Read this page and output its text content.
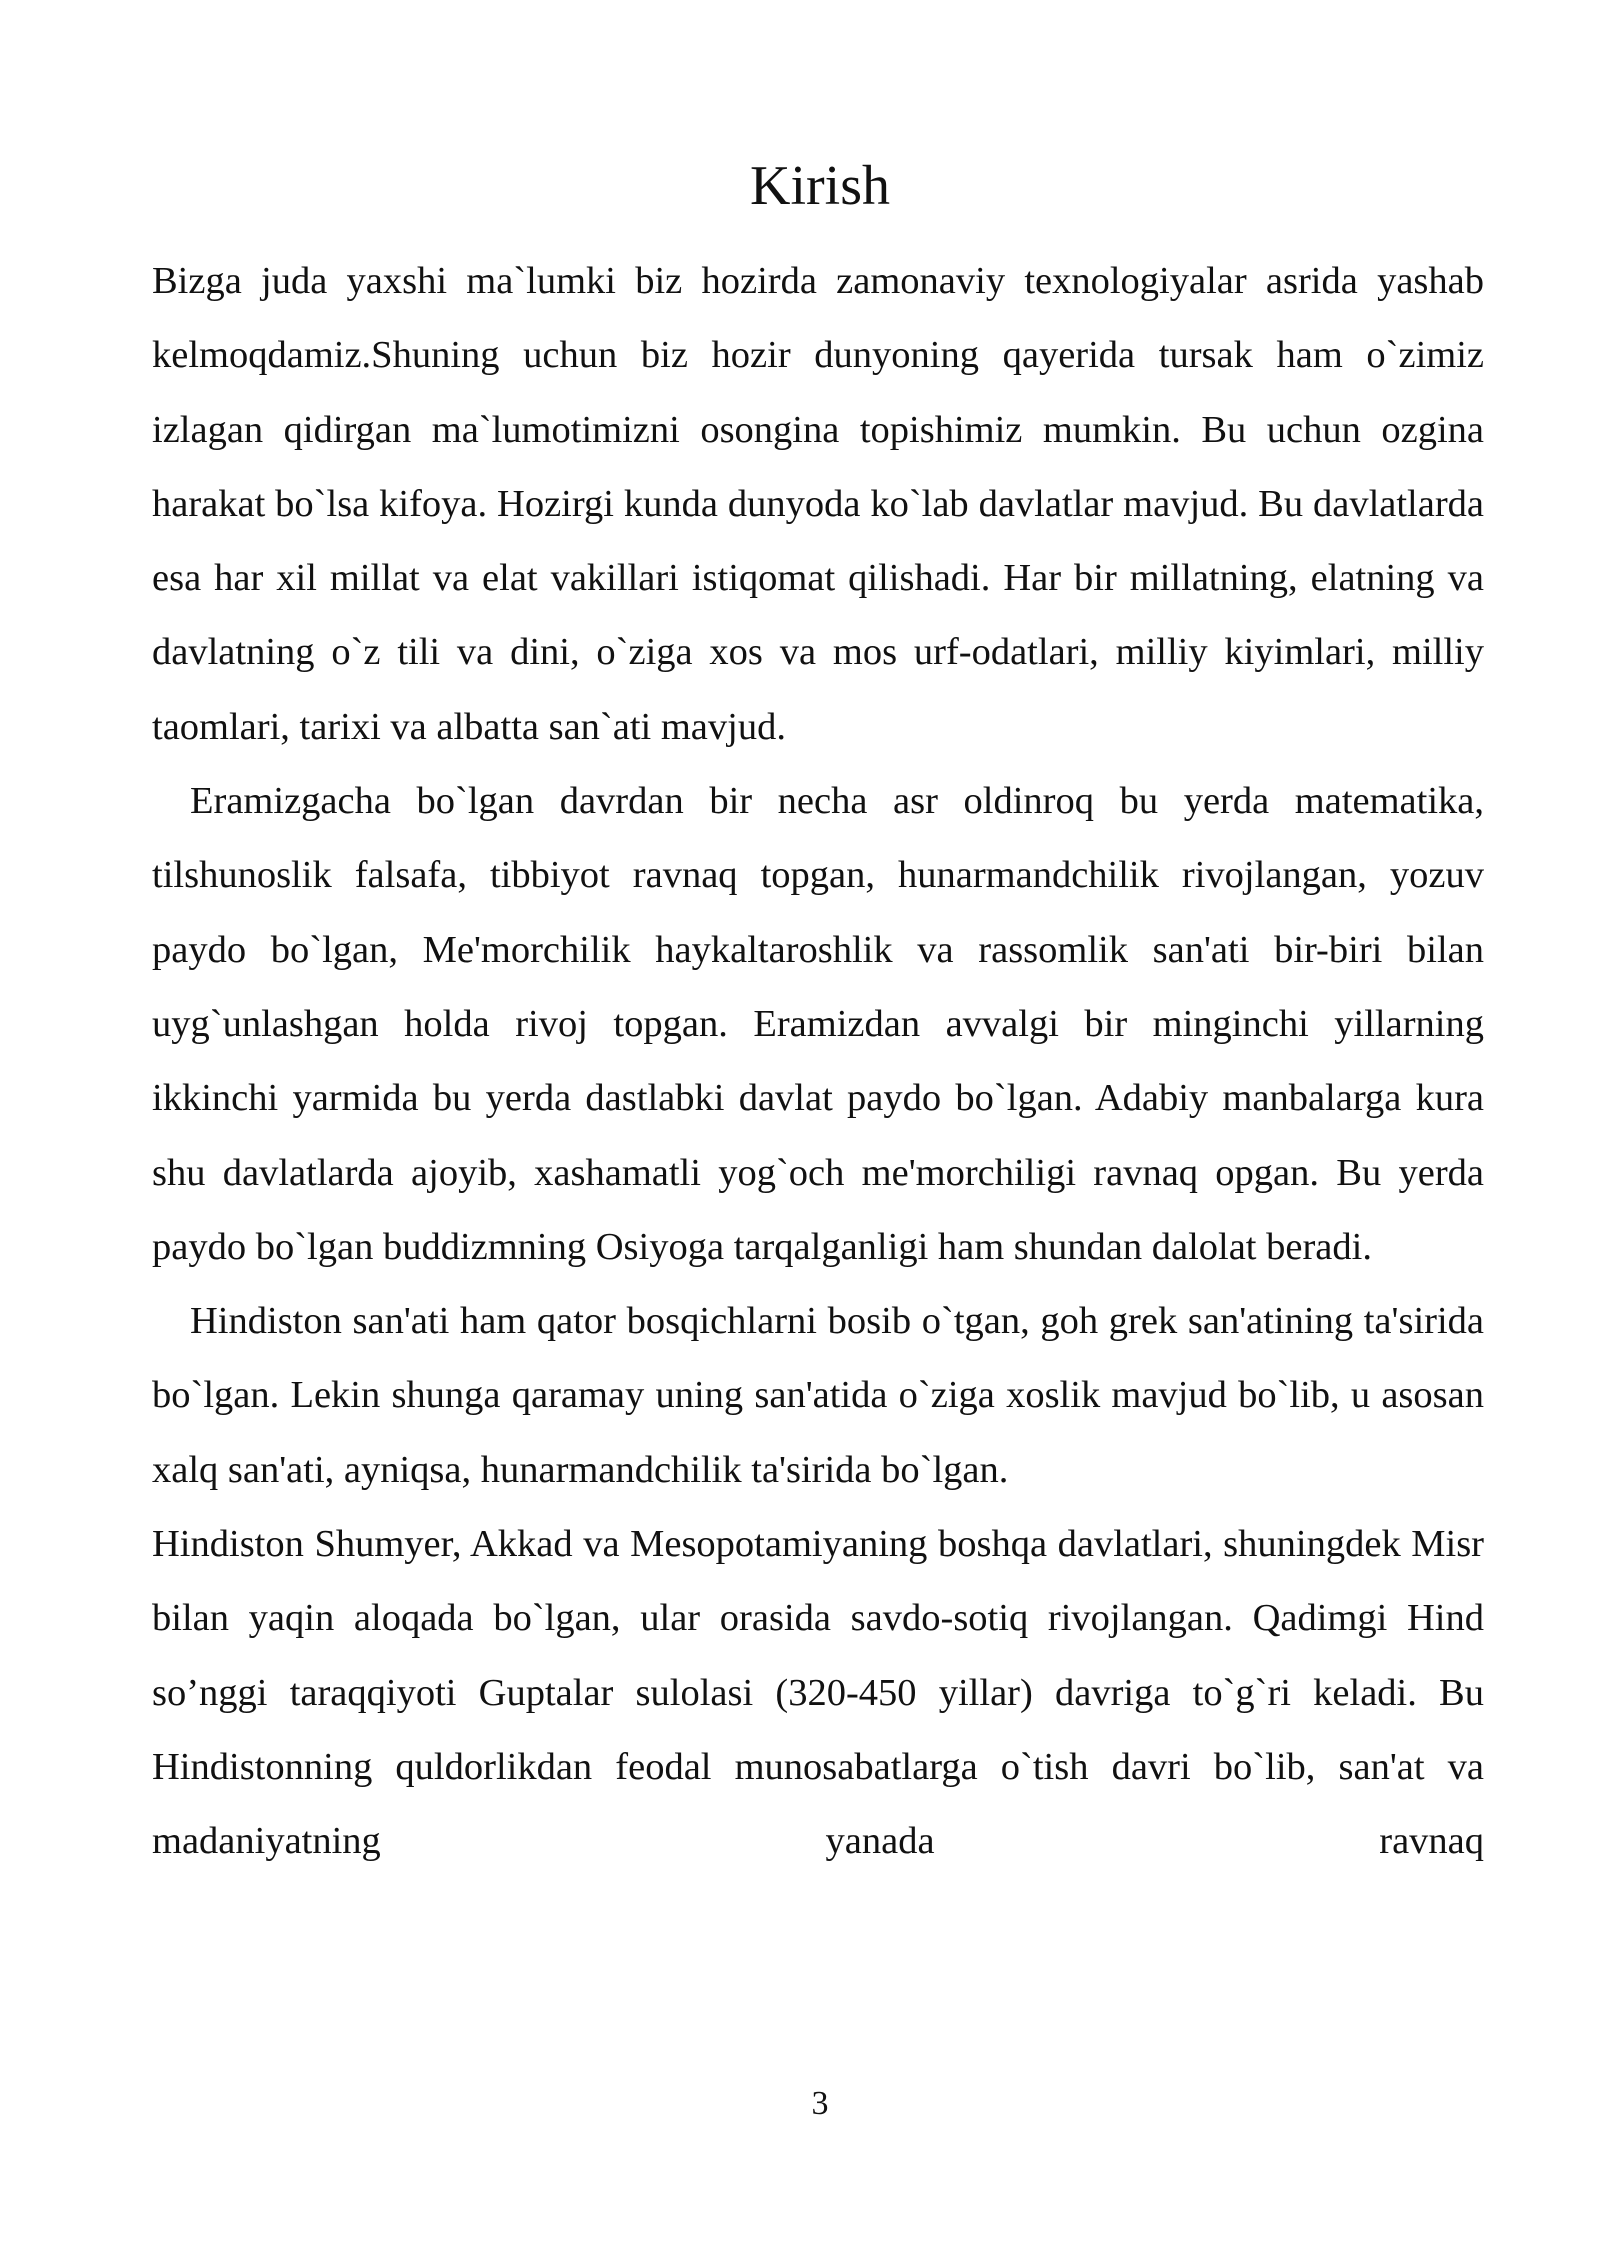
Kirish

Bizga juda yaxshi ma`lumki biz hozirda zamonaviy texnologiyalar asrida yashab kelmoqdamiz.Shuning uchun biz hozir dunyoning qayerida tursak ham o`zimiz izlagan qidirgan ma`lumotimizni osongina topishimiz mumkin. Bu uchun ozgina harakat bo`lsa kifoya. Hozirgi kunda dunyoda ko`lab davlatlar mavjud. Bu davlatlarda esa har xil millat va elat vakillari istiqomat qilishadi. Har bir millatning, elatning va davlatning o`z tili va dini, o`ziga xos va mos urf-odatlari, milliy kiyimlari, milliy taomlari, tarixi va albatta san`ati mavjud.

Eramizgacha bo`lgan davrdan bir necha asr oldinroq bu yerda matematika, tilshunoslik falsafa, tibbiyot ravnaq topgan, hunarmandchilik rivojlangan, yozuv paydo bo`lgan, Me'morchilik haykaltaroshlik va rassomlik san'ati bir-biri bilan uyg`unlashgan holda rivoj topgan. Eramizdan avvalgi bir minginchi yillarning ikkinchi yarmida bu yerda dastlabki davlat paydo bo`lgan. Adabiy manbalarga kura shu davlatlarda ajoyib, xashamatli yog`och me'morchiligi ravnaq opgan. Bu yerda paydo bo`lgan buddizmning Osiyoga tarqalganligi ham shundan dalolat beradi.

Hindiston san'ati ham qator bosqichlarni bosib o`tgan, goh grek san'atining ta'sirida bo`lgan. Lekin shunga qaramay uning san'atida o`ziga xoslik mavjud bo`lib, u asosan xalq san'ati, ayniqsa, hunarmandchilik ta'sirida bo`lgan.

Hindiston Shumyer, Akkad va Mesopotamiyaning boshqa davlatlari, shuningdek Misr bilan yaqin aloqada bo`lgan, ular orasida savdo-sotiq rivojlangan. Qadimgi Hind so’nggi taraqqiyoti Guptalar sulolasi (320-450 yillar) davriga to`g`ri keladi. Bu Hindistonning quldorlikdan feodal munosabatlarga o`tish davri bo`lib, san'at va madaniyatning yanada ravnaq

3
